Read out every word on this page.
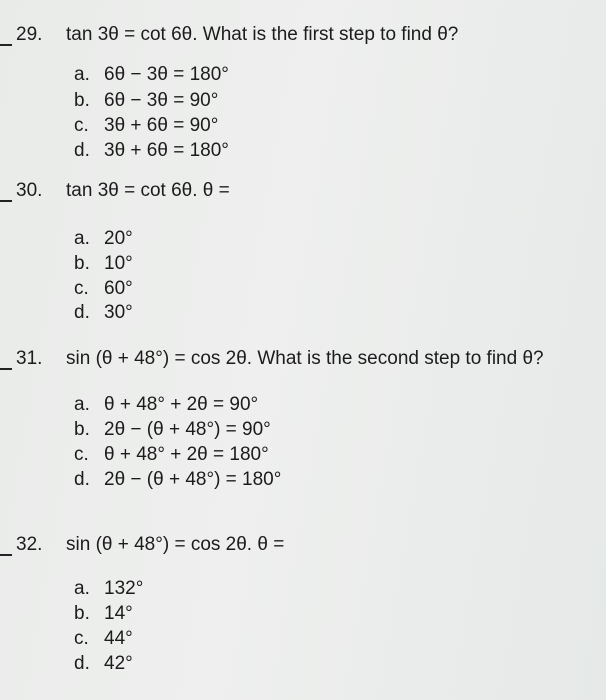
29. tan 3θ = cot 6θ. What is the first step to find θ?
a. 6θ − 3θ = 180°
b. 6θ − 3θ = 90°
c. 3θ + 6θ = 90°
d. 3θ + 6θ = 180°
30. tan 3θ = cot 6θ. θ =
a. 20°
b. 10°
c. 60°
d. 30°
31. sin (θ + 48°) = cos 2θ. What is the second step to find θ?
a. θ + 48° + 2θ = 90°
b. 2θ − (θ + 48°) = 90°
c. θ + 48° + 2θ = 180°
d. 2θ − (θ + 48°) = 180°
32. sin (θ + 48°) = cos 2θ. θ =
a. 132°
b. 14°
c. 44°
d. 42°
